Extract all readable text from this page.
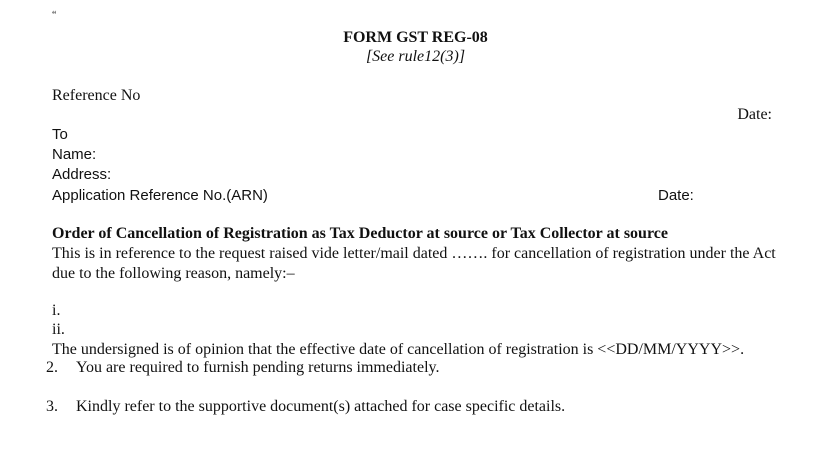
“
FORM GST REG-08
[See rule12(3)]
Reference No
Date:
To
Name:
Address:
Application Reference No.(ARN)	Date:
Order of Cancellation of Registration as Tax Deductor at source or Tax Collector at source
This is in reference to the request raised vide letter/mail dated ……. for cancellation of registration under the Act due to the following reason, namely:–
i.
ii.
The undersigned is of opinion that the effective date of cancellation of registration is <<DD/MM/YYYY>>.
2. You are required to furnish pending returns immediately.
3. Kindly refer to the supportive document(s) attached for case specific details.
